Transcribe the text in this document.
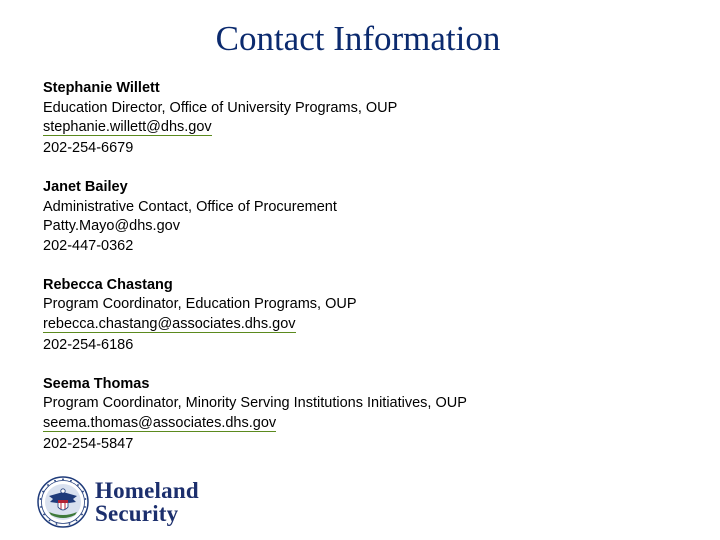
Contact Information
Stephanie Willett
Education Director, Office of University Programs, OUP
stephanie.willett@dhs.gov
202-254-6679
Janet Bailey
Administrative Contact, Office of Procurement
Patty.Mayo@dhs.gov
202-447-0362
Rebecca Chastang
Program Coordinator, Education Programs, OUP
rebecca.chastang@associates.dhs.gov
202-254-6186
Seema Thomas
Program Coordinator, Minority Serving Institutions Initiatives, OUP
seema.thomas@associates.dhs.gov
202-254-5847
Homeland
Security
